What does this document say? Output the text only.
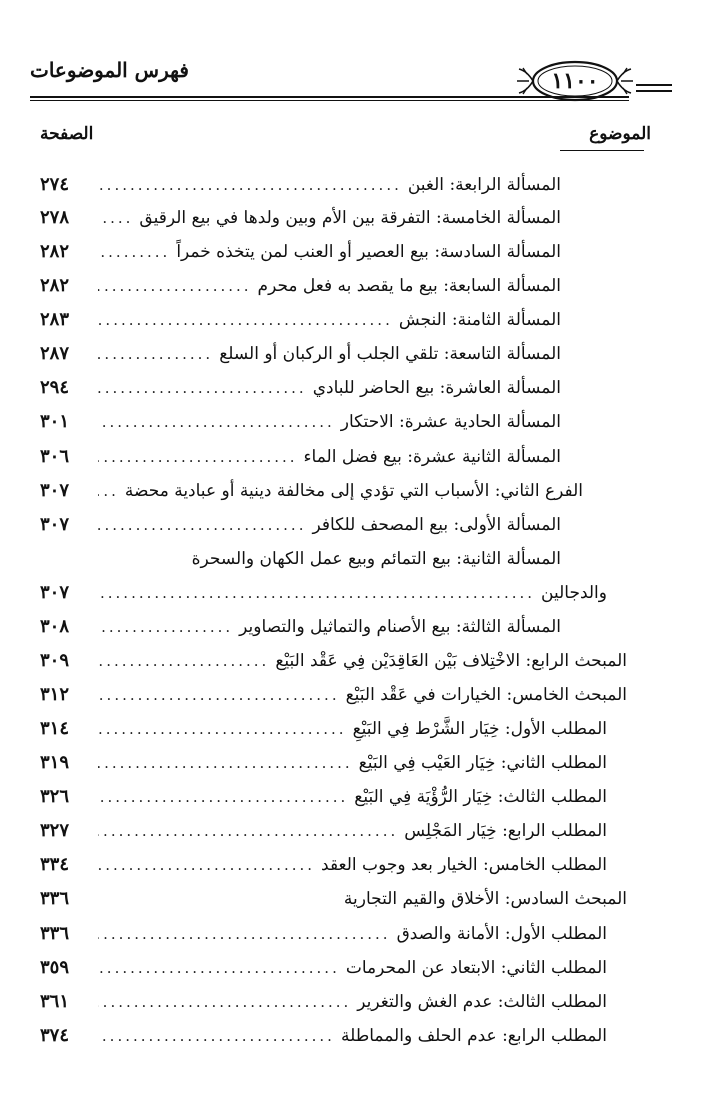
فهرس الموضوعات	١١٠٠
الموضوع
الصفحة
المسألة الرابعة: الغبن
.....
٢٧٤
المسألة الخامسة: التفرقة بين الأم وبين ولدها في بيع الرقيق
.....
٢٧٨
المسألة السادسة: بيع العصير أو العنب لمن يتخذه خمراً
.....
٢٨٢
المسألة السابعة: بيع ما يقصد به فعل محرم
.....
٢٨٢
المسألة الثامنة: النجش
.....
٢٨٣
المسألة التاسعة: تلقي الجلب أو الركبان أو السلع
.....
٢٨٧
المسألة العاشرة: بيع الحاضر للبادي
.....
٢٩٤
المسألة الحادية عشرة: الاحتكار
.....
٣٠١
المسألة الثانية عشرة: بيع فضل الماء
.....
٣٠٦
الفرع الثاني: الأسباب التي تؤدي إلى مخالفة دينية أو عبادية محضة
.....
٣٠٧
المسألة الأولى: بيع المصحف للكافر
.....
٣٠٧
المسألة الثانية: بيع التمائم وبيع عمل الكهان والسحرة
والدجالين
.....
٣٠٧
المسألة الثالثة: بيع الأصنام والتماثيل والتصاوير
.....
٣٠٨
المبحث الرابع: الاخْتِلاف بَيْن العَاقِدَيْن فِي عَقْد البَيْع
.....
٣٠٩
المبحث الخامس: الخيارات في عَقْد البَيْع
.....
٣١٢
المطلب الأول: خِيَار الشَّرْط فِي البَيْعِ
.....
٣١٤
المطلب الثاني: خِيَار العَيْب فِي البَيْع
.....
٣١٩
المطلب الثالث: خِيَار الرُّؤْيَة فِي البَيْع
.....
٣٢٦
المطلب الرابع: خِيَار المَجْلِس
.....
٣٢٧
المطلب الخامس: الخيار بعد وجوب العقد
.....
٣٣٤
المبحث السادس: الأخلاق والقيم التجارية
٣٣٦
المطلب الأول: الأمانة والصدق
.....
٣٣٦
المطلب الثاني: الابتعاد عن المحرمات
.....
٣٥٩
المطلب الثالث: عدم الغش والتغرير
.....
٣٦١
المطلب الرابع: عدم الحلف والمماطلة
.....
٣٧٤
